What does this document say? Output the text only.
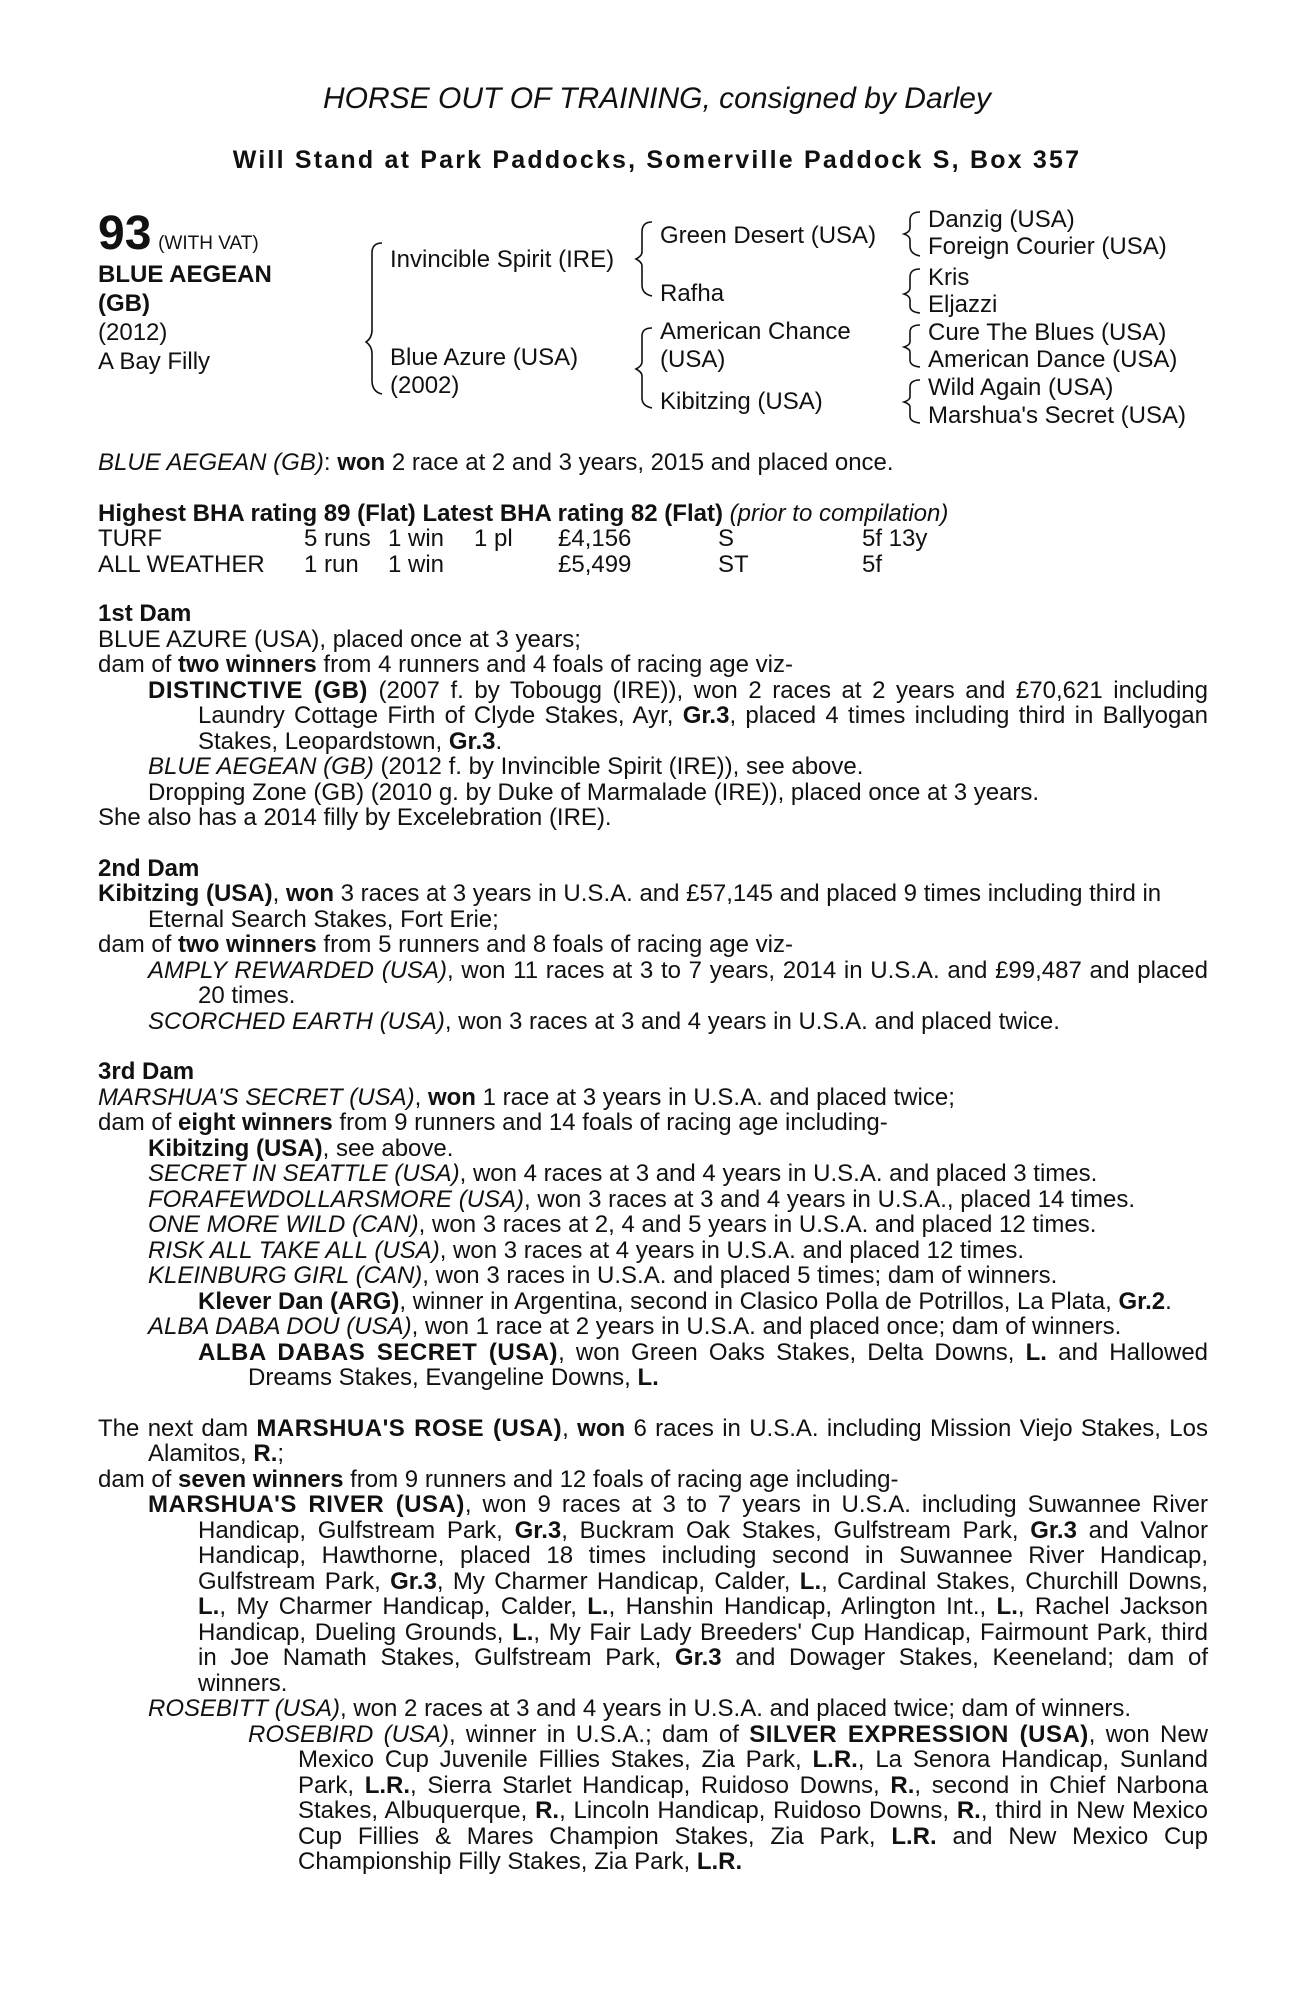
HORSE OUT OF TRAINING, consigned by Darley
Will Stand at Park Paddocks, Somerville Paddock S, Box 357
93 (WITH VAT)
BLUE AEGEAN
(GB)
(2012)
A Bay Filly
Invincible Spirit (IRE)
Blue Azure (USA)
(2002)
Green Desert (USA)
Rafha
American Chance
(USA)
Kibitzing (USA)
Danzig (USA)
Foreign Courier (USA)
Kris
Eljazzi
Cure The Blues (USA)
American Dance (USA)
Wild Again (USA)
Marshua's Secret (USA)

BLUE AEGEAN (GB): won 2 race at 2 and 3 years, 2015 and placed once.

Highest BHA rating 89 (Flat) Latest BHA rating 82 (Flat) (prior to compilation)

TURF	5 runs	1 win	1 pl	£4,156	S	5f 13y
ALL WEATHER	1 run	1 win		£5,499	ST	5f

1st Dam

BLUE AZURE (USA), placed once at 3 years;

dam of two winners from 4 runners and 4 foals of racing age viz-

DISTINCTIVE (GB) (2007 f. by Tobougg (IRE)), won 2 races at 2 years and £70,621 including Laundry Cottage Firth of Clyde Stakes, Ayr, Gr.3, placed 4 times including third in Ballyogan Stakes, Leopardstown, Gr.3.

BLUE AEGEAN (GB) (2012 f. by Invincible Spirit (IRE)), see above.

Dropping Zone (GB) (2010 g. by Duke of Marmalade (IRE)), placed once at 3 years.

She also has a 2014 filly by Excelebration (IRE).

2nd Dam

Kibitzing (USA), won 3 races at 3 years in U.S.A. and £57,145 and placed 9 times including third in Eternal Search Stakes, Fort Erie;

dam of two winners from 5 runners and 8 foals of racing age viz-

AMPLY REWARDED (USA), won 11 races at 3 to 7 years, 2014 in U.S.A. and £99,487 and placed 20 times.

SCORCHED EARTH (USA), won 3 races at 3 and 4 years in U.S.A. and placed twice.

3rd Dam

MARSHUA'S SECRET (USA), won 1 race at 3 years in U.S.A. and placed twice;

dam of eight winners from 9 runners and 14 foals of racing age including-

Kibitzing (USA), see above.

SECRET IN SEATTLE (USA), won 4 races at 3 and 4 years in U.S.A. and placed 3 times.

FORAFEWDOLLARSMORE (USA), won 3 races at 3 and 4 years in U.S.A., placed 14 times.

ONE MORE WILD (CAN), won 3 races at 2, 4 and 5 years in U.S.A. and placed 12 times.

RISK ALL TAKE ALL (USA), won 3 races at 4 years in U.S.A. and placed 12 times.

KLEINBURG GIRL (CAN), won 3 races in U.S.A. and placed 5 times; dam of winners.

Klever Dan (ARG), winner in Argentina, second in Clasico Polla de Potrillos, La Plata, Gr.2.

ALBA DABA DOU (USA), won 1 race at 2 years in U.S.A. and placed once; dam of winners.

ALBA DABAS SECRET (USA), won Green Oaks Stakes, Delta Downs, L. and Hallowed Dreams Stakes, Evangeline Downs, L.

The next dam MARSHUA'S ROSE (USA), won 6 races in U.S.A. including Mission Viejo Stakes, Los Alamitos, R.;

dam of seven winners from 9 runners and 12 foals of racing age including-

MARSHUA'S RIVER (USA), won 9 races at 3 to 7 years in U.S.A. including Suwannee River Handicap, Gulfstream Park, Gr.3, Buckram Oak Stakes, Gulfstream Park, Gr.3 and Valnor Handicap, Hawthorne, placed 18 times including second in Suwannee River Handicap, Gulfstream Park, Gr.3, My Charmer Handicap, Calder, L., Cardinal Stakes, Churchill Downs, L., My Charmer Handicap, Calder, L., Hanshin Handicap, Arlington Int., L., Rachel Jackson Handicap, Dueling Grounds, L., My Fair Lady Breeders' Cup Handicap, Fairmount Park, third in Joe Namath Stakes, Gulfstream Park, Gr.3 and Dowager Stakes, Keeneland; dam of winners.

ROSEBITT (USA), won 2 races at 3 and 4 years in U.S.A. and placed twice; dam of winners.

ROSEBIRD (USA), winner in U.S.A.; dam of SILVER EXPRESSION (USA), won New Mexico Cup Juvenile Fillies Stakes, Zia Park, L.R., La Senora Handicap, Sunland Park, L.R., Sierra Starlet Handicap, Ruidoso Downs, R., second in Chief Narbona Stakes, Albuquerque, R., Lincoln Handicap, Ruidoso Downs, R., third in New Mexico Cup Fillies & Mares Champion Stakes, Zia Park, L.R. and New Mexico Cup Championship Filly Stakes, Zia Park, L.R.
